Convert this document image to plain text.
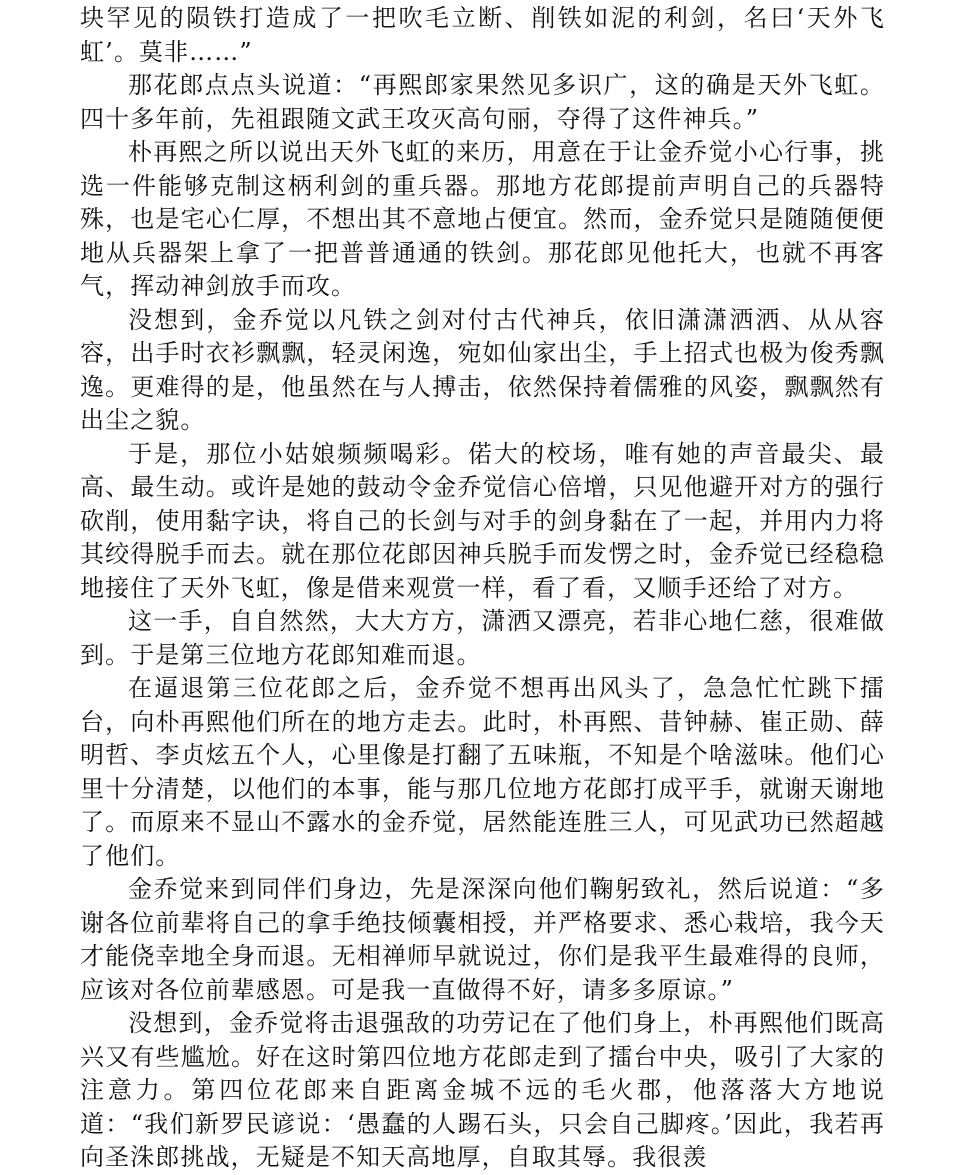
块罕见的陨铁打造成了一把吹毛立断、削铁如泥的利剑，名曰‘天外飞虹’。莫非……”

那花郎点点头说道：“再熙郎家果然见多识广，这的确是天外飞虹。四十多年前，先祖跟随文武王攻灭高句丽，夺得了这件神兵。”

朴再熙之所以说出天外飞虹的来历，用意在于让金乔觉小心行事，挑选一件能够克制这柄利剑的重兵器。那地方花郎提前声明自己的兵器特殊，也是宅心仁厚，不想出其不意地占便宜。然而，金乔觉只是随随便便地从兵器架上拿了一把普普通通的铁剑。那花郎见他托大，也就不再客气，挥动神剑放手而攻。

没想到，金乔觉以凡铁之剑对付古代神兵，依旧潇潇洒洒、从从容容，出手时衣衫飘飘，轻灵闲逸，宛如仙家出尘，手上招式也极为俊秀飘逸。更难得的是，他虽然在与人搏击，依然保持着儒雅的风姿，飘飘然有出尘之貌。

于是，那位小姑娘频频喝彩。偌大的校场，唯有她的声音最尖、最高、最生动。或许是她的鼓动令金乔觉信心倍增，只见他避开对方的强行砍削，使用黏字诀，将自己的长剑与对手的剑身黏在了一起，并用内力将其绞得脱手而去。就在那位花郎因神兵脱手而发愣之时，金乔觉已经稳稳地接住了天外飞虹，像是借来观赏一样，看了看，又顺手还给了对方。

这一手，自自然然，大大方方，潇洒又漂亮，若非心地仁慈，很难做到。于是第三位地方花郎知难而退。

在逼退第三位花郎之后，金乔觉不想再出风头了，急急忙忙跳下擂台，向朴再熙他们所在的地方走去。此时，朴再熙、昔钟赫、崔正勋、薛明哲、李贞炫五个人，心里像是打翻了五味瓶，不知是个啥滋味。他们心里十分清楚，以他们的本事，能与那几位地方花郎打成平手，就谢天谢地了。而原来不显山不露水的金乔觉，居然能连胜三人，可见武功已然超越了他们。

金乔觉来到同伴们身边，先是深深向他们鞠躬致礼，然后说道：“多谢各位前辈将自己的拿手绝技倾囊相授，并严格要求、悉心栽培，我今天才能侥幸地全身而退。无相禅师早就说过，你们是我平生最难得的良师，应该对各位前辈感恩。可是我一直做得不好，请多多原谅。”

没想到，金乔觉将击退强敌的功劳记在了他们身上，朴再熙他们既高兴又有些尴尬。好在这时第四位地方花郎走到了擂台中央，吸引了大家的注意力。第四位花郎来自距离金城不远的毛火郡，他落落大方地说道：“我们新罗民谚说：‘愚蠢的人踢石头，只会自己脚疼。’因此，我若再向圣洙郎挑战，无疑是不知天高地厚，自取其辱。我很羡
